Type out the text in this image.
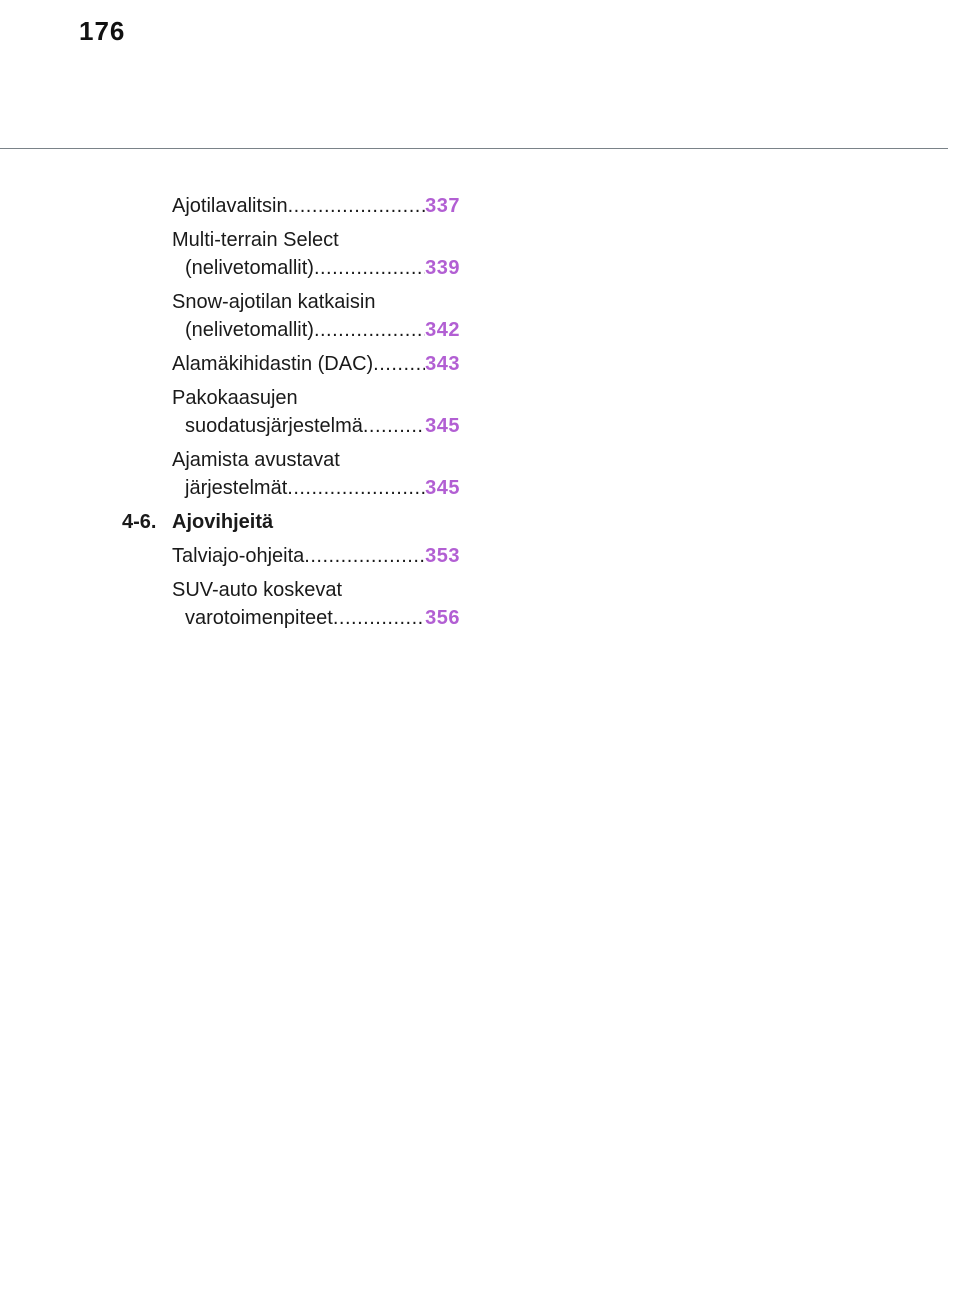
176
Ajotilavalitsin .....	337
Multi-terrain Select
(nelivetomallit) .....	339
Snow-ajotilan katkaisin
(nelivetomallit) .....	342
Alamäkihidastin (DAC) .....	343
Pakokaasujen
suodatusjärjestelmä .....	345
Ajamista avustavat
järjestelmät .....	345
4-6. Ajovihjeitä
Talviajo-ohjeita .....	353
SUV-auto koskevat
varotoimenpiteet .....	356
